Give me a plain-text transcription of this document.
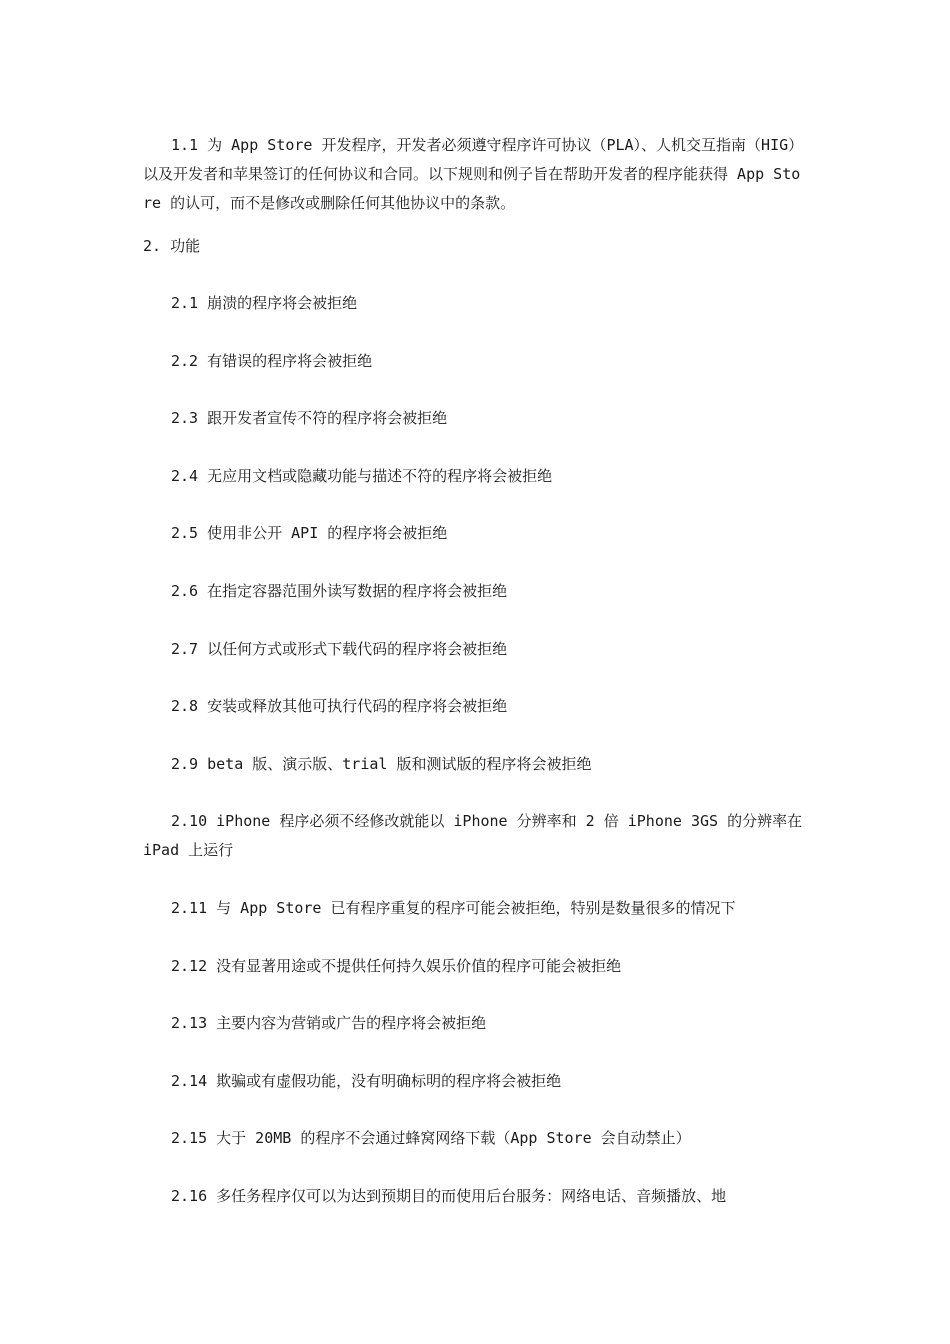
1.1 为 App Store 开发程序，开发者必须遵守程序许可协议（PLA）、人机交互指南（HIG）以及开发者和苹果签订的任何协议和合同。以下规则和例子旨在帮助开发者的程序能获得 App Store 的认可，而不是修改或删除任何其他协议中的条款。

2. 功能
2.1 崩溃的程序将会被拒绝
2.2 有错误的程序将会被拒绝
2.3 跟开发者宣传不符的程序将会被拒绝
2.4 无应用文档或隐藏功能与描述不符的程序将会被拒绝
2.5 使用非公开 API 的程序将会被拒绝
2.6 在指定容器范围外读写数据的程序将会被拒绝
2.7 以任何方式或形式下载代码的程序将会被拒绝
2.8 安装或释放其他可执行代码的程序将会被拒绝
2.9 beta 版、演示版、trial 版和测试版的程序将会被拒绝
2.10 iPhone 程序必须不经修改就能以 iPhone 分辨率和 2 倍 iPhone 3GS 的分辨率在 iPad 上运行
2.11 与 App Store 已有程序重复的程序可能会被拒绝，特别是数量很多的情况下
2.12 没有显著用途或不提供任何持久娱乐价值的程序可能会被拒绝
2.13 主要内容为营销或广告的程序将会被拒绝
2.14 欺骗或有虚假功能，没有明确标明的程序将会被拒绝
2.15 大于 20MB 的程序不会通过蜂窝网络下载（App Store 会自动禁止）
2.16 多任务程序仅可以为达到预期目的而使用后台服务：网络电话、音频播放、地
